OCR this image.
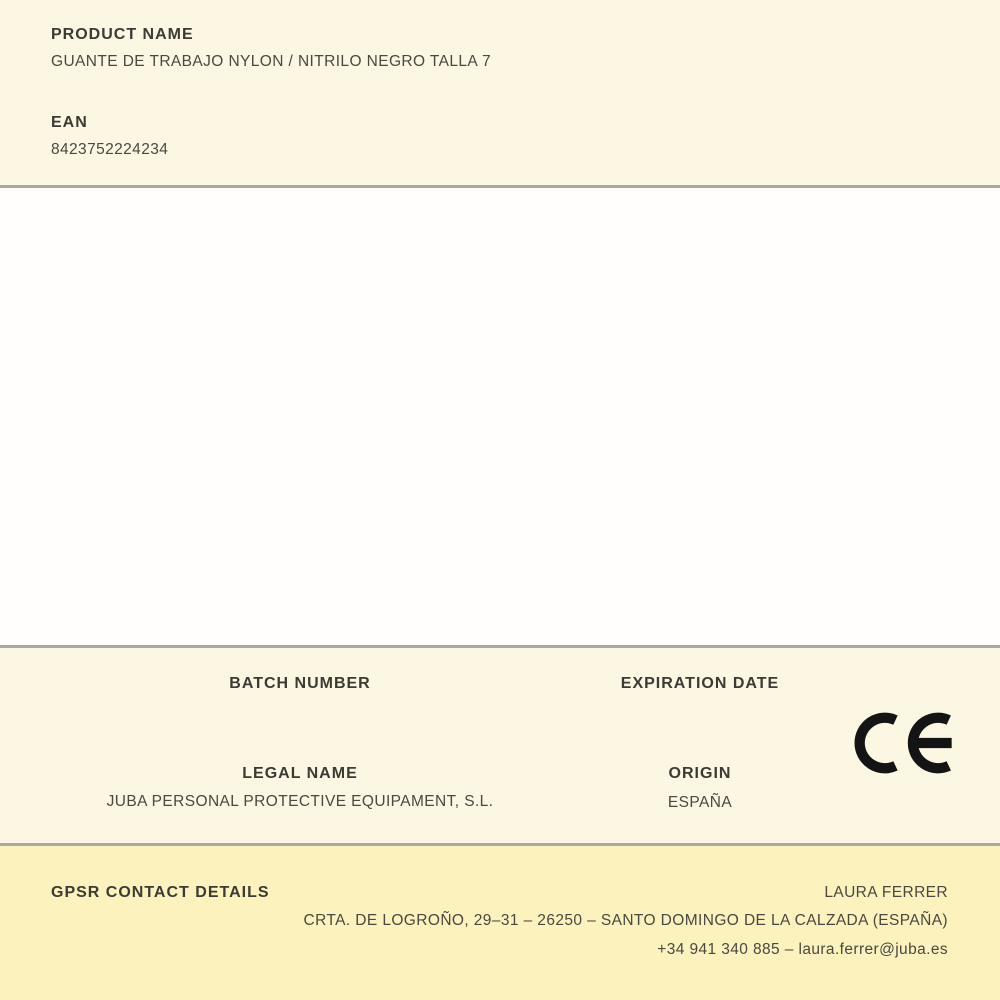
PRODUCT NAME
GUANTE DE TRABAJO NYLON / NITRILO NEGRO TALLA 7
EAN
8423752224234
BATCH NUMBER	EXPIRATION DATE
LEGAL NAME
JUBA PERSONAL PROTECTIVE EQUIPAMENT, S.L.
ORIGIN
ESPAÑA
GPSR CONTACT DETAILS	LAURA FERRER
CRTA. DE LOGROÑO, 29–31 – 26250 – SANTO DOMINGO DE LA CALZADA (ESPAÑA)
+34 941 340 885 – laura.ferrer@juba.es
